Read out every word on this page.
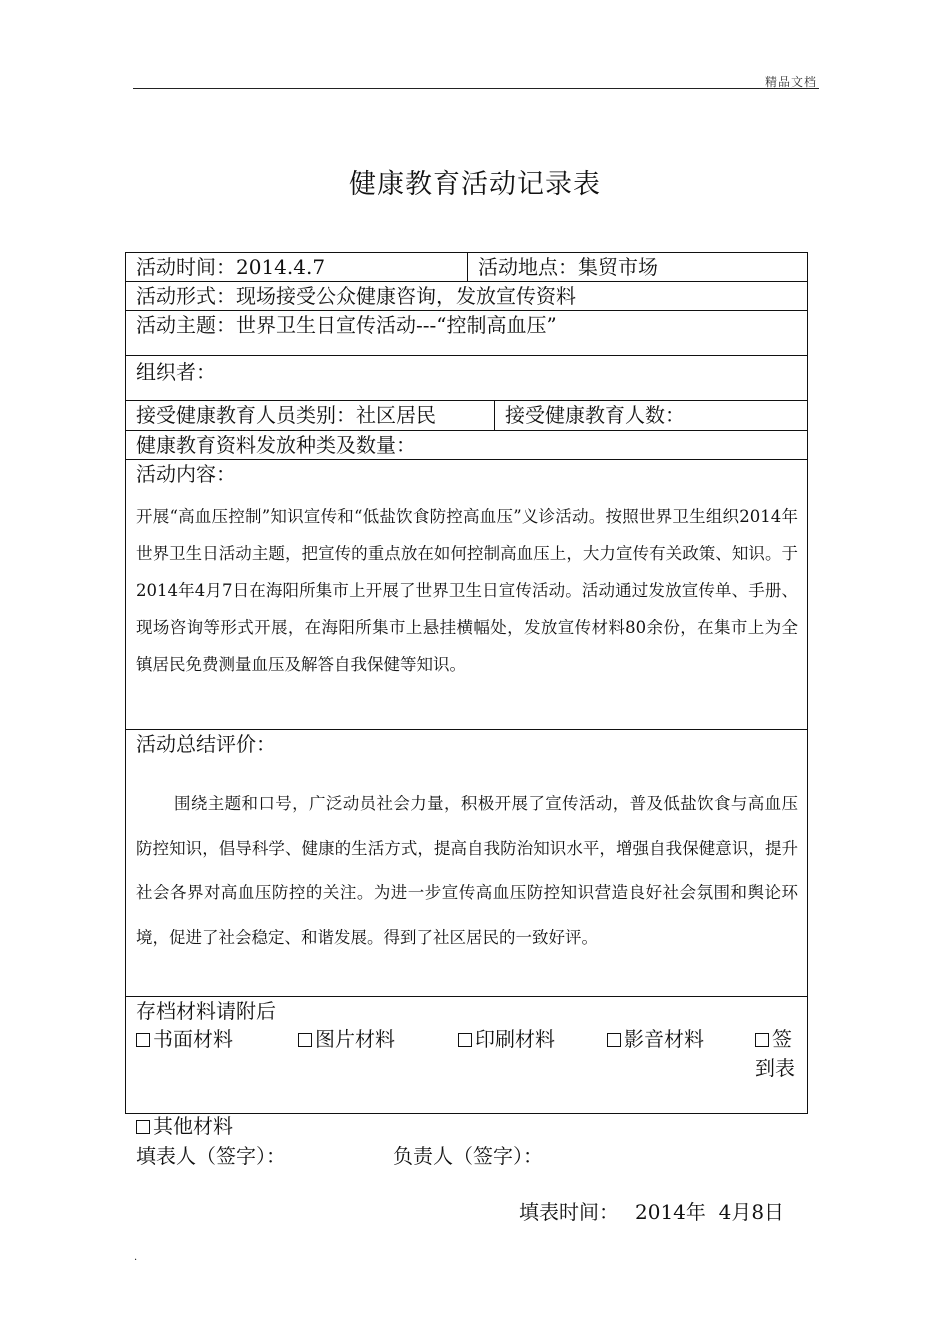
精品文档
健康教育活动记录表
活动时间：2014.4.7	活动地点：集贸市场
活动形式：现场接受公众健康咨询，发放宣传资料
活动主题：世界卫生日宣传活动---“控制高血压”
组织者：
接受健康教育人员类别：社区居民	接受健康教育人数：
健康教育资料发放种类及数量：
活动内容：

开展“高血压控制”知识宣传和“低盐饮食防控高血压”义诊活动。按照世界卫生组织2014年世界卫生日活动主题，把宣传的重点放在如何控制高血压上，大力宣传有关政策、知识。于 2014年4月7日在海阳所集市上开展了世界卫生日宣传活动。活动通过发放宣传单、手册、现场咨询等形式开展，在海阳所集市上悬挂横幅处，发放宣传材料80余份，在集市上为全镇居民免费测量血压及解答自我保健等知识。

活动总结评价：

围绕主题和口号，广泛动员社会力量，积极开展了宣传活动，普及低盐饮食与高血压防控知识，倡导科学、健康的生活方式，提高自我防治知识水平，增强自我保健意识，提升社会各界对高血压防控的关注。为进一步宣传高血压防控知识营造良好社会氛围和舆论环境，促进了社会稳定、和谐发展。得到了社区居民的一致好评。

存档材料请附后
书面材料	图片材料	印刷材料	影音材料	签到表
其他材料
填表人（签字）：	负责人（签字）：
填表时间： 2014年  4月8日
.
